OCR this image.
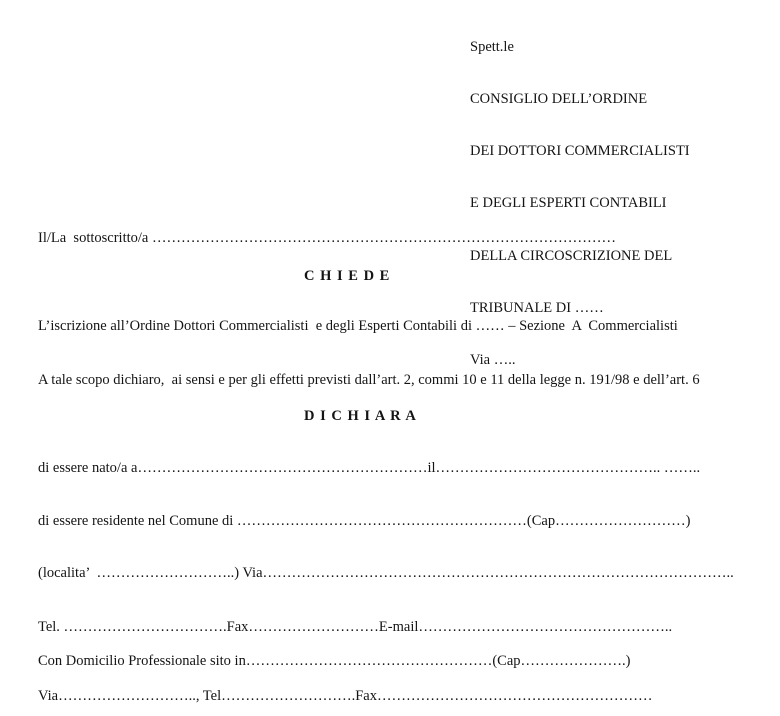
Spett.le

CONSIGLIO DELL’ORDINE

DEI DOTTORI COMMERCIALISTI

E DEGLI ESPERTI CONTABILI

DELLA CIRCOSCRIZIONE DEL

TRIBUNALE DI ……

Via …..

Il/La  sottoscritto/a ……………………………………………………………………………………

C H I E D E

L’iscrizione all’Ordine Dottori Commercialisti  e degli Esperti Contabili di …… – Sezione  A  Commercialisti

A tale scopo dichiaro,  ai sensi e per gli effetti previsti dall’art. 2, commi 10 e 11 della legge n. 191/98 e dell’art. 6

D I C H I A R A

di essere nato/a a……………………………………………………il……………………………………….. ……..

di essere residente nel Comune di ……………………………………………………(Cap………………………)

(localita’  ………………………..) Via……………………………………………………………………………………..

Tel. …………………………….Fax………………………E-mail……………………………………………..

Con Domicilio Professionale sito in……………………………………………(Cap………………….)

Via……………………….., Tel……………………….Fax…………………………………………………
